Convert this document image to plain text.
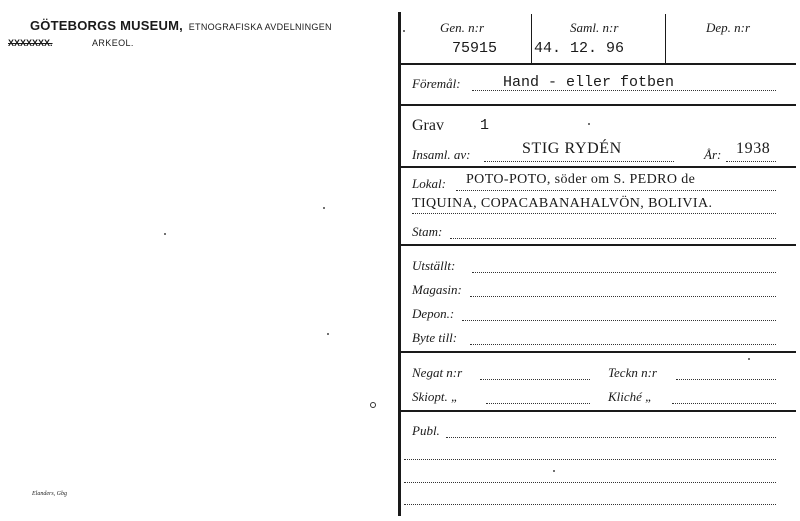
GÖTEBORGS MUSEUM, ETNOGRAFISKA AVDELNINGEN
XXXXXXX.	ARKEOL.
Elanders, Gbg
Gen. n:r
75915
Saml. n:r
44. 12. 96
Dep. n:r
Föremål:	Hand - eller fotben
Grav 1
Insaml. av:	STIG RYDÉN	År: 1938
Lokal: POTO-POTO, söder om S. PEDRO de
TIQUINA, COPACABANAHALVÖN, BOLIVIA.
Stam:
Utställt:
Magasin:
Depon.:
Byte till:
Negat n:r	Teckn n:r
Skiopt. „	Kliché „
Publ.
